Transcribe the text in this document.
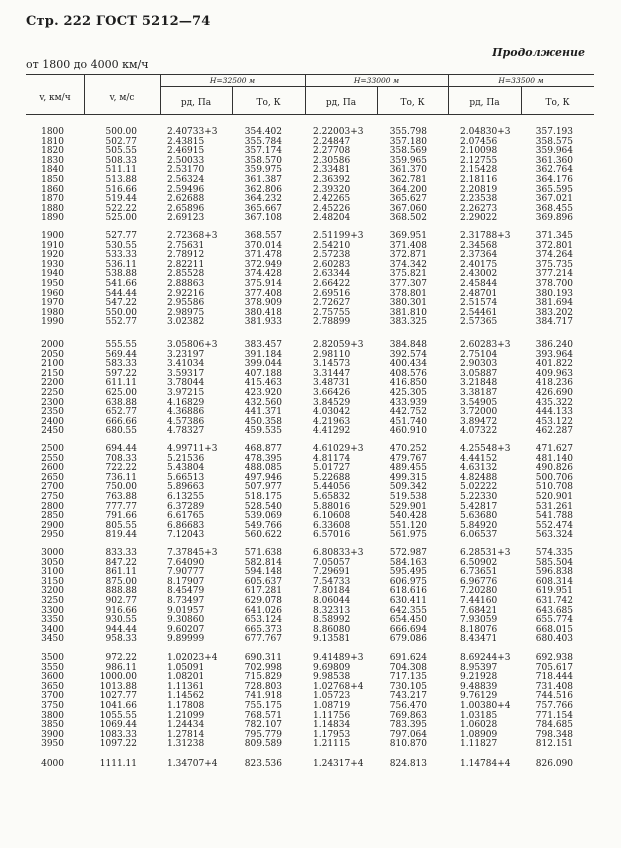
Стр. 222 ГОСТ 5212—74
Продолжение
от 1800 до 4000 км/ч
v, км/ч	v, м/с
H=32500 м	H=33000 м	H=33500 м
pд, Па	Tо, К	pд, Па	Tо, К	pд, Па	Tо, К
1800	500.00	2.40733+3	354.402	2.22003+3	355.798	2.04830+3	357.193
1810	502.77	2.43815	355.784	2.24847	357.180	2.07456	358.575
1820	505.55	2.46915	357.174	2.27708	358.569	2.10098	359.964
1830	508.33	2.50033	358.570	2.30586	359.965	2.12755	361.360
1840	511.11	2.53170	359.975	2.33481	361.370	2.15428	362.764
1850	513.88	2.56324	361.387	2.36392	362.781	2.18116	364.176
1860	516.66	2.59496	362.806	2.39320	364.200	2.20819	365.595
1870	519.44	2.62688	364.232	2.42265	365.627	2.23538	367.021
1880	522.22	2.65896	365.667	2.45226	367.060	2.26273	368.455
1890	525.00	2.69123	367.108	2.48204	368.502	2.29022	369.896
1900	527.77	2.72368+3	368.557	2.51199+3	369.951	2.31788+3	371.345
1910	530.55	2.75631	370.014	2.54210	371.408	2.34568	372.801
1920	533.33	2.78912	371.478	2.57238	372.871	2.37364	374.264
1930	536.11	2.82211	372.949	2.60283	374.342	2.40175	375.735
1940	538.88	2.85528	374.428	2.63344	375.821	2.43002	377.214
1950	541.66	2.88863	375.914	2.66422	377.307	2.45844	378.700
1960	544.44	2.92216	377.408	2.69516	378.801	2.48701	380.193
1970	547.22	2.95586	378.909	2.72627	380.301	2.51574	381.694
1980	550.00	2.98975	380.418	2.75755	381.810	2.54461	383.202
1990	552.77	3.02382	381.933	2.78899	383.325	2.57365	384.717
2000	555.55	3.05806+3	383.457	2.82059+3	384.848	2.60283+3	386.240
2050	569.44	3.23197	391.184	2.98110	392.574	2.75104	393.964
2100	583.33	3.41034	399.044	3.14573	400.434	2.90303	401.822
2150	597.22	3.59317	407.188	3.31447	408.576	3.05887	409.963
2200	611.11	3.78044	415.463	3.48731	416.850	3.21848	418.236
2250	625.00	3.97215	423.920	3.66426	425.305	3.38187	426.690
2300	638.88	4.16829	432.560	3.84529	433.939	3.54905	435.322
2350	652.77	4.36886	441.371	4.03042	442.752	3.72000	444.133
2400	666.66	4.57386	450.358	4.21963	451.740	3.89472	453.122
2450	680.55	4.78327	459.535	4.41292	460.910	4.07322	462.287
2500	694.44	4.99711+3	468.877	4.61029+3	470.252	4.25548+3	471.627
2550	708.33	5.21536	478.395	4.81174	479.767	4.44152	481.140
2600	722.22	5.43804	488.085	5.01727	489.455	4.63132	490.826
2650	736.11	5.66513	497.946	5.22688	499.315	4.82488	500.706
2700	750.00	5.89663	507.977	5.44056	509.342	5.02222	510.708
2750	763.88	6.13255	518.175	5.65832	519.538	5.22330	520.901
2800	777.77	6.37289	528.540	5.88016	529.901	5.42817	531.261
2850	791.66	6.61765	539.069	6.10608	540.428	5.63680	541.788
2900	805.55	6.86683	549.766	6.33608	551.120	5.84920	552.474
2950	819.44	7.12043	560.622	6.57016	561.975	6.06537	563.324
3000	833.33	7.37845+3	571.638	6.80833+3	572.987	6.28531+3	574.335
3050	847.22	7.64090	582.814	7.05057	584.163	6.50902	585.504
3100	861.11	7.90777	594.148	7.29691	595.495	6.73651	596.838
3150	875.00	8.17907	605.637	7.54733	606.975	6.96776	608.314
3200	888.88	8.45479	617.281	7.80184	618.616	7.20280	619.951
3250	902.77	8.73497	629.078	8.06044	630.411	7.44160	631.742
3300	916.66	9.01957	641.026	8.32313	642.355	7.68421	643.685
3350	930.55	9.30860	653.124	8.58992	654.450	7.93059	655.774
3400	944.44	9.60207	665.373	8.86080	666.694	8.18076	668.015
3450	958.33	9.89999	677.767	9.13581	679.086	8.43471	680.403
3500	972.22	1.02023+4	690.311	9.41489+3	691.624	8.69244+3	692.938
3550	986.11	1.05091	702.998	9.69809	704.308	8.95397	705.617
3600	1000.00	1.08201	715.829	9.98538	717.135	9.21928	718.444
3650	1013.88	1.11361	728.803	1.02768+4	730.105	9.48839	731.408
3700	1027.77	1.14562	741.918	1.05723	743.217	9.76129	744.516
3750	1041.66	1.17808	755.175	1.08719	756.470	1.00380+4	757.766
3800	1055.55	1.21099	768.571	1.11756	769.863	1.03185	771.154
3850	1069.44	1.24434	782.107	1.14834	783.395	1.06028	784.685
3900	1083.33	1.27814	795.779	1.17953	797.064	1.08909	798.348
3950	1097.22	1.31238	809.589	1.21115	810.870	1.11827	812.151
4000	1111.11	1.34707+4	823.536	1.24317+4	824.813	1.14784+4	826.090
